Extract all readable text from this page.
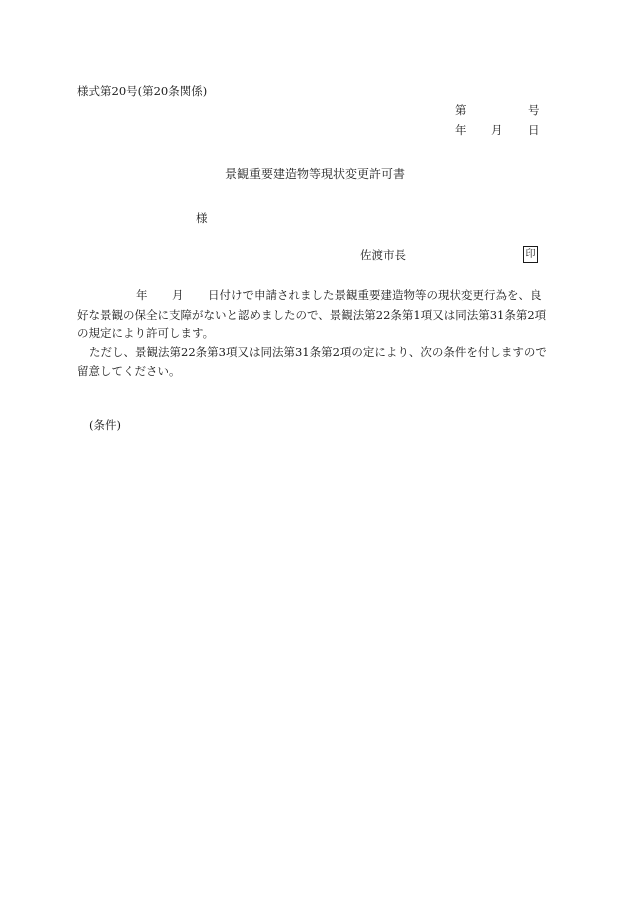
様式第20号(第20条関係)
第	号
年 月 日
景観重要建造物等現状変更許可書
様
佐渡市長	印
年 月 日付けで申請されました景観重要建造物等の現状変更行為を、良
好な景観の保全に支障がないと認めましたので、景観法第22条第1項又は同法第31条第2項
の規定により許可します。
ただし、景観法第22条第3項又は同法第31条第2項の定により、次の条件を付しますので
留意してください。
(条件)
